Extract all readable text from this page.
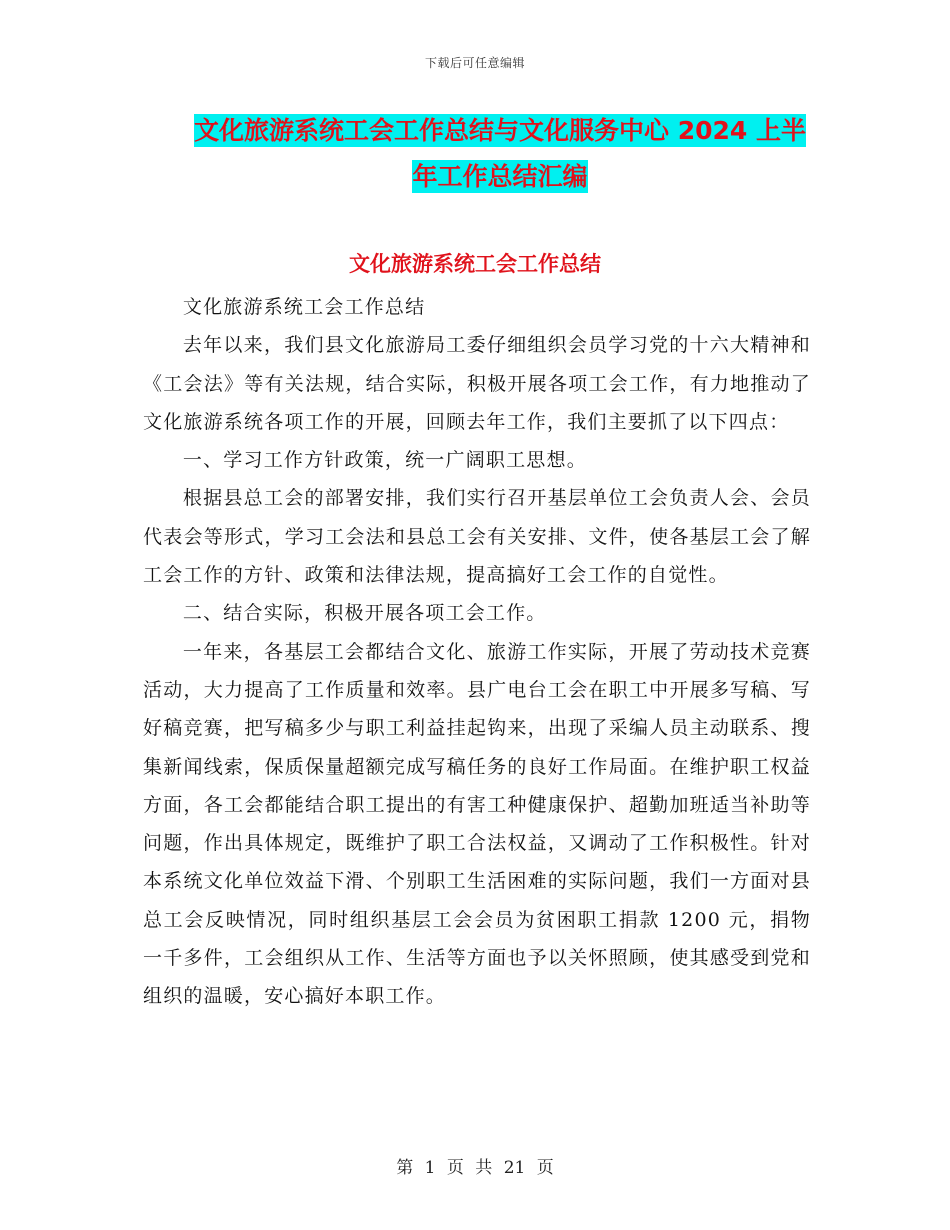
下载后可任意编辑
文化旅游系统工会工作总结与文化服务中心 2024 上半
年工作总结汇编
文化旅游系统工会工作总结

文化旅游系统工会工作总结

去年以来，我们县文化旅游局工委仔细组织会员学习党的十六大精神和《工会法》等有关法规，结合实际，积极开展各项工会工作，有力地推动了文化旅游系统各项工作的开展，回顾去年工作，我们主要抓了以下四点：

一、学习工作方针政策，统一广阔职工思想。

根据县总工会的部署安排，我们实行召开基层单位工会负责人会、会员代表会等形式，学习工会法和县总工会有关安排、文件，使各基层工会了解工会工作的方针、政策和法律法规，提高搞好工会工作的自觉性。

二、结合实际，积极开展各项工会工作。

一年来，各基层工会都结合文化、旅游工作实际，开展了劳动技术竞赛活动，大力提高了工作质量和效率。县广电台工会在职工中开展多写稿、写好稿竞赛，把写稿多少与职工利益挂起钩来，出现了采编人员主动联系、搜集新闻线索，保质保量超额完成写稿任务的良好工作局面。在维护职工权益方面，各工会都能结合职工提出的有害工种健康保护、超勤加班适当补助等问题，作出具体规定，既维护了职工合法权益，又调动了工作积极性。针对本系统文化单位效益下滑、个别职工生活困难的实际问题，我们一方面对县总工会反映情况，同时组织基层工会会员为贫困职工捐款 1200 元，捐物一千多件，工会组织从工作、生活等方面也予以关怀照顾，使其感受到党和组织的温暖，安心搞好本职工作。

第 1 页 共 21 页
